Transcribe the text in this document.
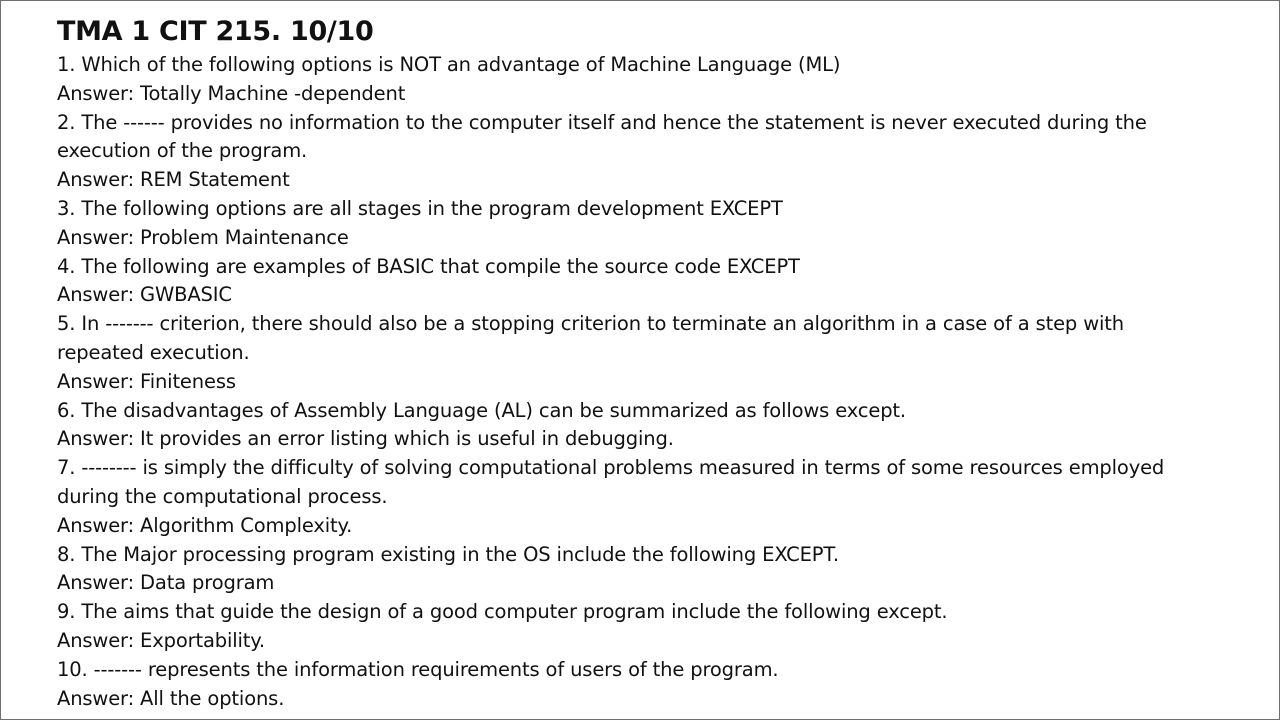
TMA 1 CIT 215. 10/10

1. Which of the following options is NOT an advantage of Machine Language (ML)

Answer: Totally Machine -dependent

2. The ------ provides no information to the computer itself and hence the statement is never executed during the

execution of the program.

Answer: REM Statement

3. The following options are all stages in the program development EXCEPT

Answer: Problem Maintenance

4. The following are examples of BASIC that compile the source code EXCEPT

Answer: GWBASIC

5. In ------- criterion, there should also be a stopping criterion to terminate an algorithm in a case of a step with

repeated execution.

Answer: Finiteness

6. The disadvantages of Assembly Language (AL) can be summarized as follows except.

Answer: It provides an error listing which is useful in debugging.

7. -------- is simply the difficulty of solving computational problems measured in terms of some resources employed

during the computational process.

Answer: Algorithm Complexity.

8. The Major processing program existing in the OS include the following EXCEPT.

Answer: Data program

9. The aims that guide the design of a good computer program include the following except.

Answer: Exportability.

10. ------- represents the information requirements of users of the program.

Answer: All the options.
